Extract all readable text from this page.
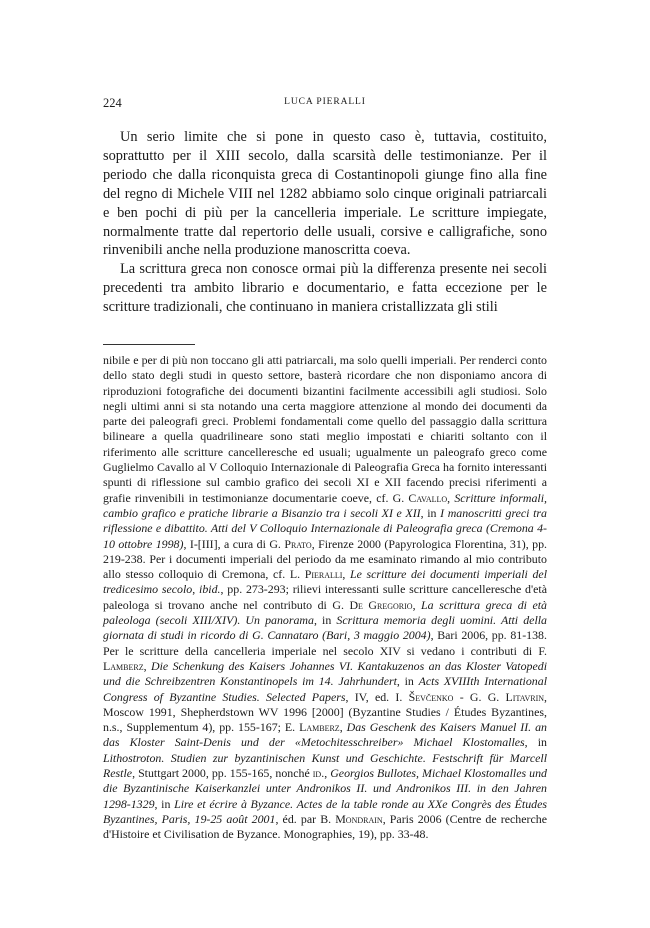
224	LUCA PIERALLI

Un serio limite che si pone in questo caso è, tuttavia, costituito, soprattutto per il XIII secolo, dalla scarsità delle testimonianze. Per il periodo che dalla riconquista greca di Costantinopoli giunge fino alla fine del regno di Michele VIII nel 1282 abbiamo solo cinque originali patriarcali e ben pochi di più per la cancelleria imperiale. Le scritture impiegate, normalmente tratte dal repertorio delle usuali, corsive e calligrafiche, sono rinvenibili anche nella produzione manoscritta coeva.

La scrittura greca non conosce ormai più la differenza presente nei secoli precedenti tra ambito librario e documentario, e fatta eccezione per le scritture tradizionali, che continuano in maniera cristallizzata gli stili

nibile e per di più non toccano gli atti patriarcali, ma solo quelli imperiali. Per renderci conto dello stato degli studi in questo settore, basterà ricordare che non disponiamo ancora di riproduzioni fotografiche dei documenti bizantini facilmente accessibili agli studiosi. Solo negli ultimi anni si sta notando una certa maggiore attenzione al mondo dei documenti da parte dei paleografi greci. Problemi fondamentali come quello del passaggio dalla scrittura bilineare a quella quadrilineare sono stati meglio impostati e chiariti soltanto con il riferimento alle scritture cancelleresche ed usuali; ugualmente un paleografo greco come Guglielmo Cavallo al V Colloquio Internazionale di Paleografia Greca ha fornito interessanti spunti di riflessione sul cambio grafico dei secoli XI e XII facendo precisi riferimenti a grafie rinvenibili in testimonianze documentarie coeve, cf. G. Cavallo, Scritture informali, cambio grafico e pratiche librarie a Bisanzio tra i secoli XI e XII, in I manoscritti greci tra riflessione e dibattito. Atti del V Colloquio Internazionale di Paleografia greca (Cremona 4-10 ottobre 1998), I-[III], a cura di G. Prato, Firenze 2000 (Papyrologica Florentina, 31), pp. 219-238. Per i documenti imperiali del periodo da me esaminato rimando al mio contributo allo stesso colloquio di Cremona, cf. L. Pieralli, Le scritture dei documenti imperiali del tredicesimo secolo, ibid., pp. 273-293; rilievi interessanti sulle scritture cancelleresche d'età paleologa si trovano anche nel contributo di G. De Gregorio, La scrittura greca di età paleologa (secoli XIII/XIV). Un panorama, in Scrittura memoria degli uomini. Atti della giornata di studi in ricordo di G. Cannataro (Bari, 3 maggio 2004), Bari 2006, pp. 81-138. Per le scritture della cancelleria imperiale nel secolo XIV si vedano i contributi di F. Lamberz, Die Schenkung des Kaisers Johannes VI. Kantakuzenos an das Kloster Vatopedi und die Schreibzentren Konstantinopels im 14. Jahrhundert, in Acts XVIIIth International Congress of Byzantine Studies. Selected Papers, IV, ed. I. Ševčenko - G. G. Litavrin, Moscow 1991, Shepherdstown WV 1996 [2000] (Byzantine Studies / Études Byzantines, n.s., Supplementum 4), pp. 155-167; E. Lamberz, Das Geschenk des Kaisers Manuel II. an das Kloster Saint-Denis und der «Metochitesschreiber» Michael Klostomalles, in Lithostroton. Studien zur byzantinischen Kunst und Geschichte. Festschrift für Marcell Restle, Stuttgart 2000, pp. 155-165, nonché id., Georgios Bullotes, Michael Klostomalles und die Byzantinische Kaiserkanzlei unter Andronikos II. und Andronikos III. in den Jahren 1298-1329, in Lire et écrire à Byzance. Actes de la table ronde au XXe Congrès des Études Byzantines, Paris, 19-25 août 2001, éd. par B. Mondrain, Paris 2006 (Centre de recherche d'Histoire et Civilisation de Byzance. Monographies, 19), pp. 33-48.
